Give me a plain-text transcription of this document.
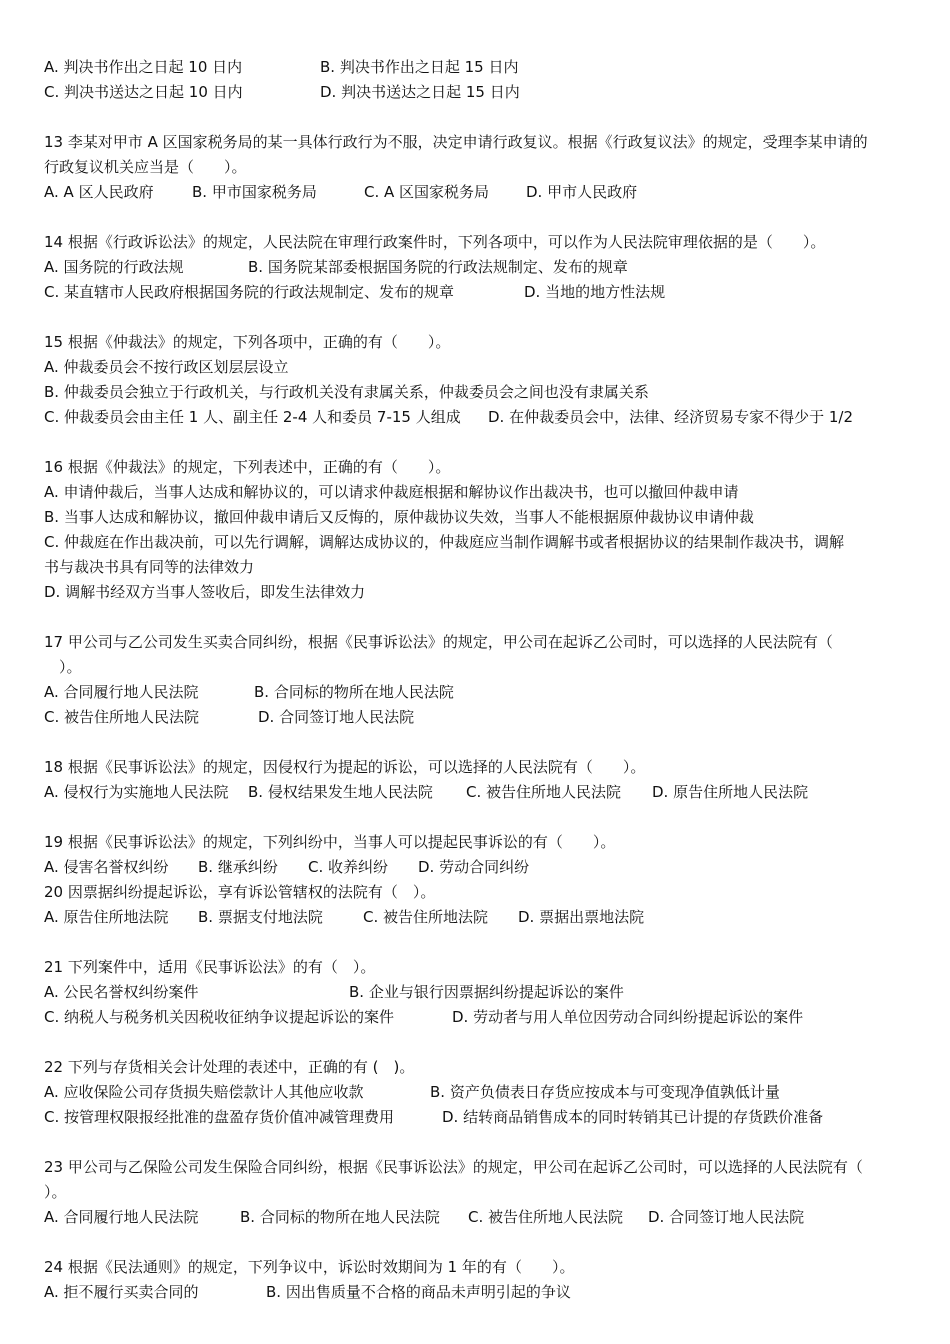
A. 判决书作出之日起 10 日内	B. 判决书作出之日起 15 日内
C. 判决书送达之日起 10 日内	D. 判决书送达之日起 15 日内
13 李某对甲市 A 区国家税务局的某一具体行政行为不服，决定申请行政复议。根据《行政复议法》的规定，受理李某申请的
行政复议机关应当是（　　）。
A. A 区人民政府	B. 甲市国家税务局	C. A 区国家税务局 D. 甲市人民政府
14 根据《行政诉讼法》的规定，人民法院在审理行政案件时，下列各项中，可以作为人民法院审理依据的是（　　）。
A. 国务院的行政法规	B. 国务院某部委根据国务院的行政法规制定、发布的规章
C. 某直辖市人民政府根据国务院的行政法规制定、发布的规章	D. 当地的地方性法规
15 根据《仲裁法》的规定，下列各项中，正确的有（　　）。
A. 仲裁委员会不按行政区划层层设立
B. 仲裁委员会独立于行政机关，与行政机关没有隶属关系，仲裁委员会之间也没有隶属关系
C. 仲裁委员会由主任 1 人、副主任 2-4 人和委员 7-15 人组成 D. 在仲裁委员会中，法律、经济贸易专家不得少于 1/2
16 根据《仲裁法》的规定，下列表述中，正确的有（　　）。
A. 申请仲裁后，当事人达成和解协议的，可以请求仲裁庭根据和解协议作出裁决书，也可以撤回仲裁申请
B. 当事人达成和解协议，撤回仲裁申请后又反悔的，原仲裁协议失效，当事人不能根据原仲裁协议申请仲裁
C. 仲裁庭在作出裁决前，可以先行调解，调解达成协议的，仲裁庭应当制作调解书或者根据协议的结果制作裁决书，调解
书与裁决书具有同等的法律效力
D. 调解书经双方当事人签收后，即发生法律效力
17 甲公司与乙公司发生买卖合同纠纷，根据《民事诉讼法》的规定，甲公司在起诉乙公司时，可以选择的人民法院有（
　）。
A. 合同履行地人民法院	B. 合同标的物所在地人民法院
C. 被告住所地人民法院	D. 合同签订地人民法院
18 根据《民事诉讼法》的规定，因侵权行为提起的诉讼，可以选择的人民法院有（　　）。
A. 侵权行为实施地人民法院 B. 侵权结果发生地人民法院 C. 被告住所地人民法院 D. 原告住所地人民法院
19 根据《民事诉讼法》的规定，下列纠纷中，当事人可以提起民事诉讼的有（　　）。
A. 侵害名誉权纠纷 B. 继承纠纷 C. 收养纠纷 D. 劳动合同纠纷
20 因票据纠纷提起诉讼，享有诉讼管辖权的法院有（　）。
A. 原告住所地法院 B. 票据支付地法院	C. 被告住所地法院 D. 票据出票地法院
21 下列案件中，适用《民事诉讼法》的有（　）。
A. 公民名誉权纠纷案件	B. 企业与银行因票据纠纷提起诉讼的案件
C. 纳税人与税务机关因税收征纳争议提起诉讼的案件	D. 劳动者与用人单位因劳动合同纠纷提起诉讼的案件
22 下列与存货相关会计处理的表述中，正确的有 (　)。
A. 应收保险公司存货损失赔偿款计人其他应收款	B. 资产负债表日存货应按成本与可变现净值孰低计量
C. 按管理权限报经批准的盘盈存货价值冲减管理费用	D. 结转商品销售成本的同时转销其已计提的存货跌价准备
23 甲公司与乙保险公司发生保险合同纠纷，根据《民事诉讼法》的规定，甲公司在起诉乙公司时，可以选择的人民法院有（
）。
A. 合同履行地人民法院	B. 合同标的物所在地人民法院 C. 被告住所地人民法院 D. 合同签订地人民法院
24 根据《民法通则》的规定，下列争议中，诉讼时效期间为 1 年的有（　　）。
A. 拒不履行买卖合同的	B. 因出售质量不合格的商品未声明引起的争议
